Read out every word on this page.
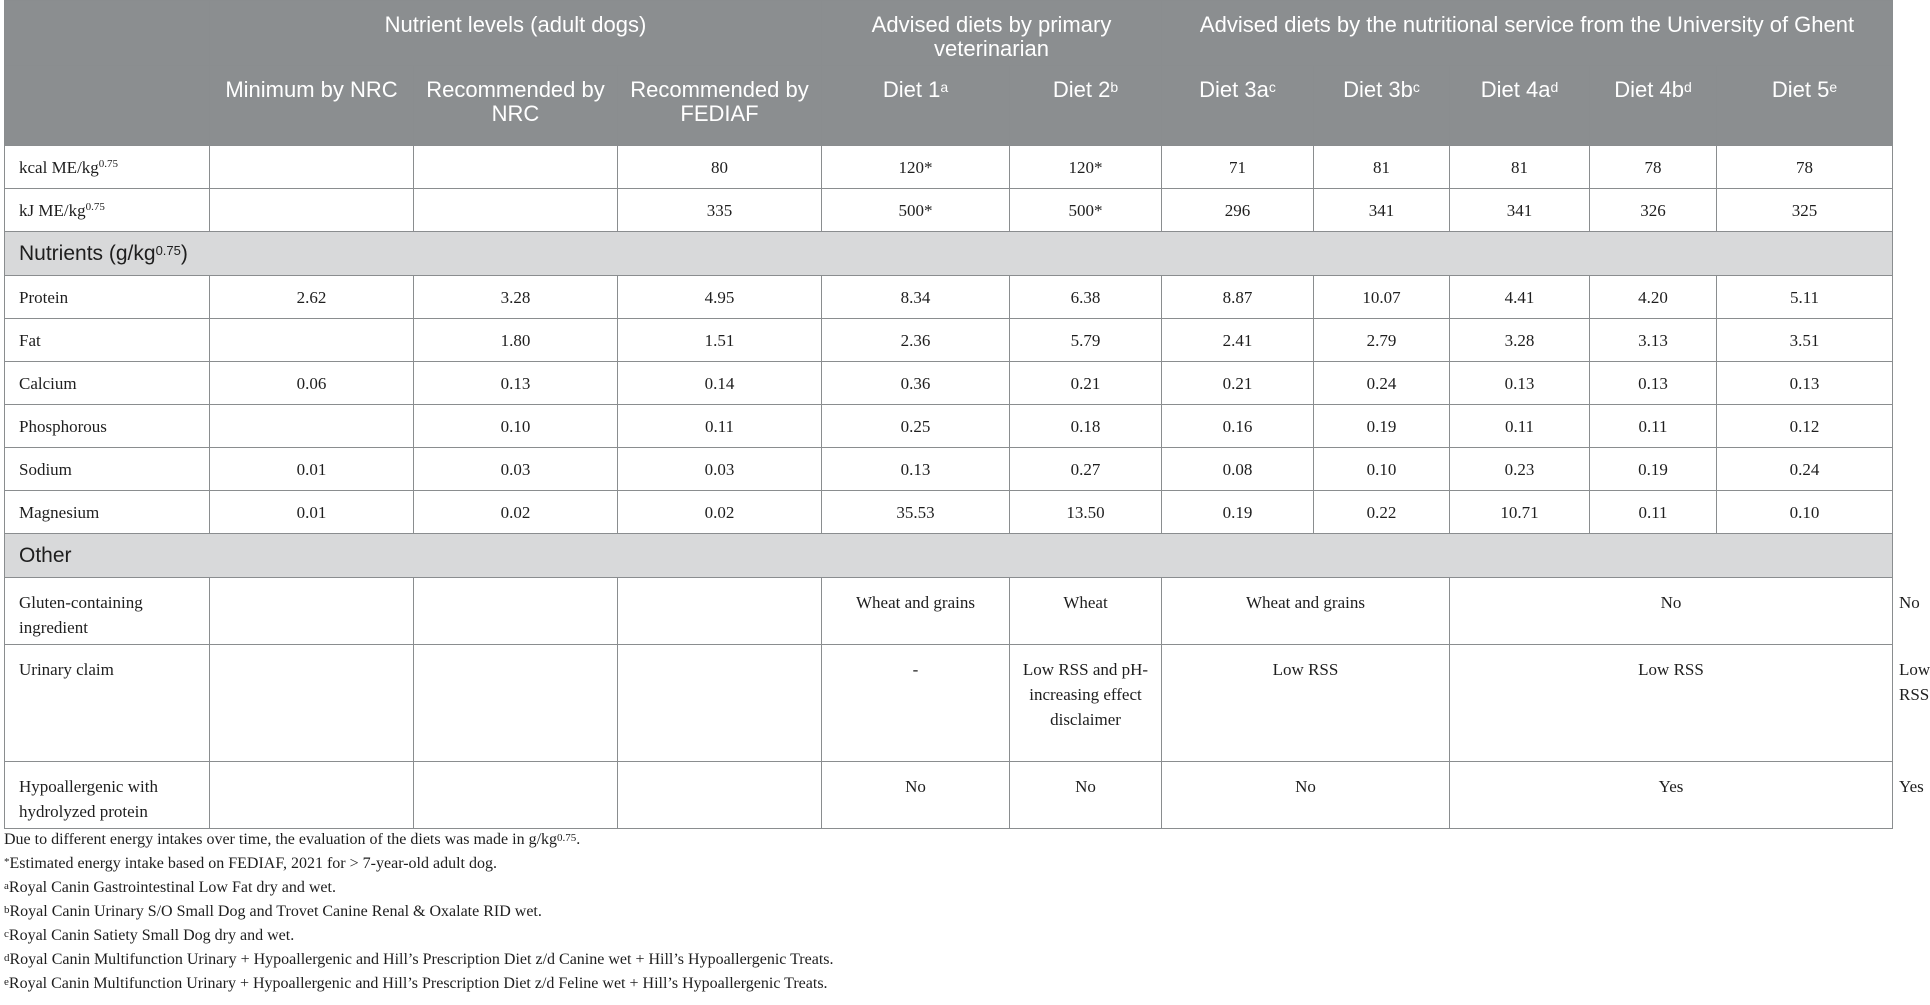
	Nutrient levels (adult dogs)			Advised diets by primary veterinarian		Advised diets by the nutritional service from the University of Ghent					
	Minimum by NRC	Recommended by NRC	Recommended by FEDIAF	Diet 1$^a$	Diet 2$^b$	Diet $3a^c$	Diet $3b^c$	Diet $4a^d$	Diet $4b^d$	Diet 5e
kcal $ME/kg^{0.75}$			80	120*	120*	71	81	81	78	78	
kJ $ME/kg^{0.75}$			335	500*	500*	296	341	341	326	325	
Nutrients $(g/kg^{0.75})$											
Protein	2.62	3.28	4.95	8.34	6.38	8.87	10.07	4.41	4.20	5.11	
Fat		1.80	1.51	2.36	5.79	2.41	2.79	3.28	3.13	3.51	
Calcium	0.06	0.13	0.14	0.36	0.21	0.21	0.24	0.13	0.13	0.13	
Phosphorous		0.10	0.11	0.25	0.18	0.16	0.19	0.11	0.11	0.12	
Sodium	0.01	0.03	0.03	0.13	0.27	0.08	0.10	0.23	0.19	0.24	
Magnesium	0.01	0.02	0.02	35.53	13.50	0.19	0.22	10.71	0.11	0.10	
Other											
Gluten-containing ingredient				Wheat and grains	Wheat	Wheat and grains		No			No
Urinary claim				-	Low RSS and pH-increasing effect disclaimer	Low RSS		Low RSS			Low RSS
Hypoallergenic with hydrolyzed protein				No	No	No		Yes			Yes

Due to different energy intakes over time, the evaluation of the diets was made in $g/kg^{0.75}$.

*Estimated energy intake based on FEDIAF, 2021 for > 7-year-old adult dog.

$^a$Royal Canin Gastrointestinal Low Fat dry and wet.

$^b$Royal Canin Urinary S/O Small Dog and Trovet Canine Renal & Oxalate RID wet.

$^c$Royal Canin Satiety Small Dog dry and wet.

$^d$Royal Canin Multifunction Urinary + Hypoallergenic and Hill’s Prescription Diet z/d Canine wet + Hill’s Hypoallergenic Treats.

$^e$Royal Canin Multifunction Urinary + Hypoallergenic and Hill’s Prescription Diet z/d Feline wet + Hill’s Hypoallergenic Treats.
